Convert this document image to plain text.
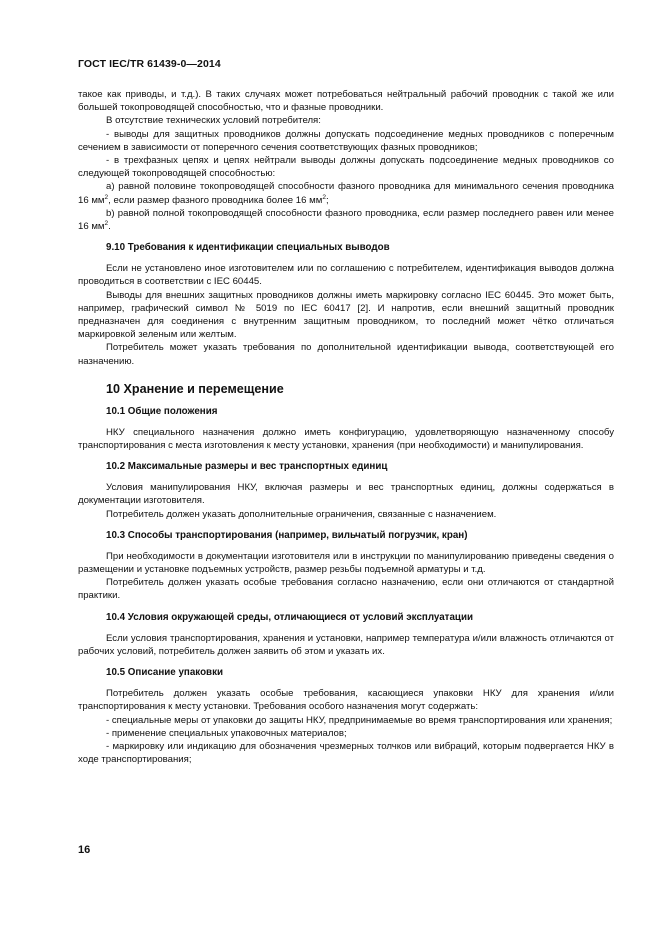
ГОСТ IEC/TR 61439-0—2014

такое как приводы, и т.д.). В таких случаях может потребоваться нейтральный рабочий проводник с такой же или большей токопроводящей способностью, что и фазные проводники.

В отсутствие технических условий потребителя:

- выводы для защитных проводников должны допускать подсоединение медных проводников с поперечным сечением в зависимости от поперечного сечения соответствующих фазных проводников;

- в трехфазных цепях и цепях нейтрали выводы должны допускать подсоединение медных проводников со следующей токопроводящей способностью:

а) равной половине токопроводящей способности фазного проводника для минимального сечения проводника 16 $мм^2$, если размер фазного проводника более 16 $мм^2$;

b) равной полной токопроводящей способности фазного проводника, если размер последнего равен или менее 16 $мм^2$.

9.10 Требования к идентификации специальных выводов

Если не установлено иное изготовителем или по соглашению с потребителем, идентификация выводов должна проводиться в соответствии с IEC 60445.

Выводы для внешних защитных проводников должны иметь маркировку согласно IEC 60445. Это может быть, например, графический символ № 5019 по IEC 60417 [2]. И напротив, если внешний защитный проводник предназначен для соединения с внутренним защитным проводником, то последний может чётко отличаться маркировкой зеленым или желтым.

Потребитель может указать требования по дополнительной идентификации вывода, соответствующей его назначению.

10 Хранение и перемещение
10.1 Общие положения

НКУ специального назначения должно иметь конфигурацию, удовлетворяющую назначенному способу транспортирования с места изготовления к месту установки, хранения (при необходимости) и манипулирования.

10.2 Максимальные размеры и вес транспортных единиц

Условия манипулирования НКУ, включая размеры и вес транспортных единиц, должны содержаться в документации изготовителя.

Потребитель должен указать дополнительные ограничения, связанные с назначением.

10.3 Способы транспортирования (например, вильчатый погрузчик, кран)

При необходимости в документации изготовителя или в инструкции по манипулированию приведены сведения о размещении и установке подъемных устройств, размер резьбы подъемной арматуры и т.д.

Потребитель должен указать особые требования согласно назначению, если они отличаются от стандартной практики.

10.4 Условия окружающей среды, отличающиеся от условий эксплуатации

Если условия транспортирования, хранения и установки, например температура и/или влажность отличаются от рабочих условий, потребитель должен заявить об этом и указать их.

10.5 Описание упаковки

Потребитель должен указать особые требования, касающиеся упаковки НКУ для хранения и/или транспортирования к месту установки. Требования особого назначения могут содержать:

- специальные меры от упаковки до защиты НКУ, предпринимаемые во время транспортирования или хранения;

- применение специальных упаковочных материалов;

- маркировку или индикацию для обозначения чрезмерных толчков или вибраций, которым подвергается НКУ в ходе транспортирования;

16
